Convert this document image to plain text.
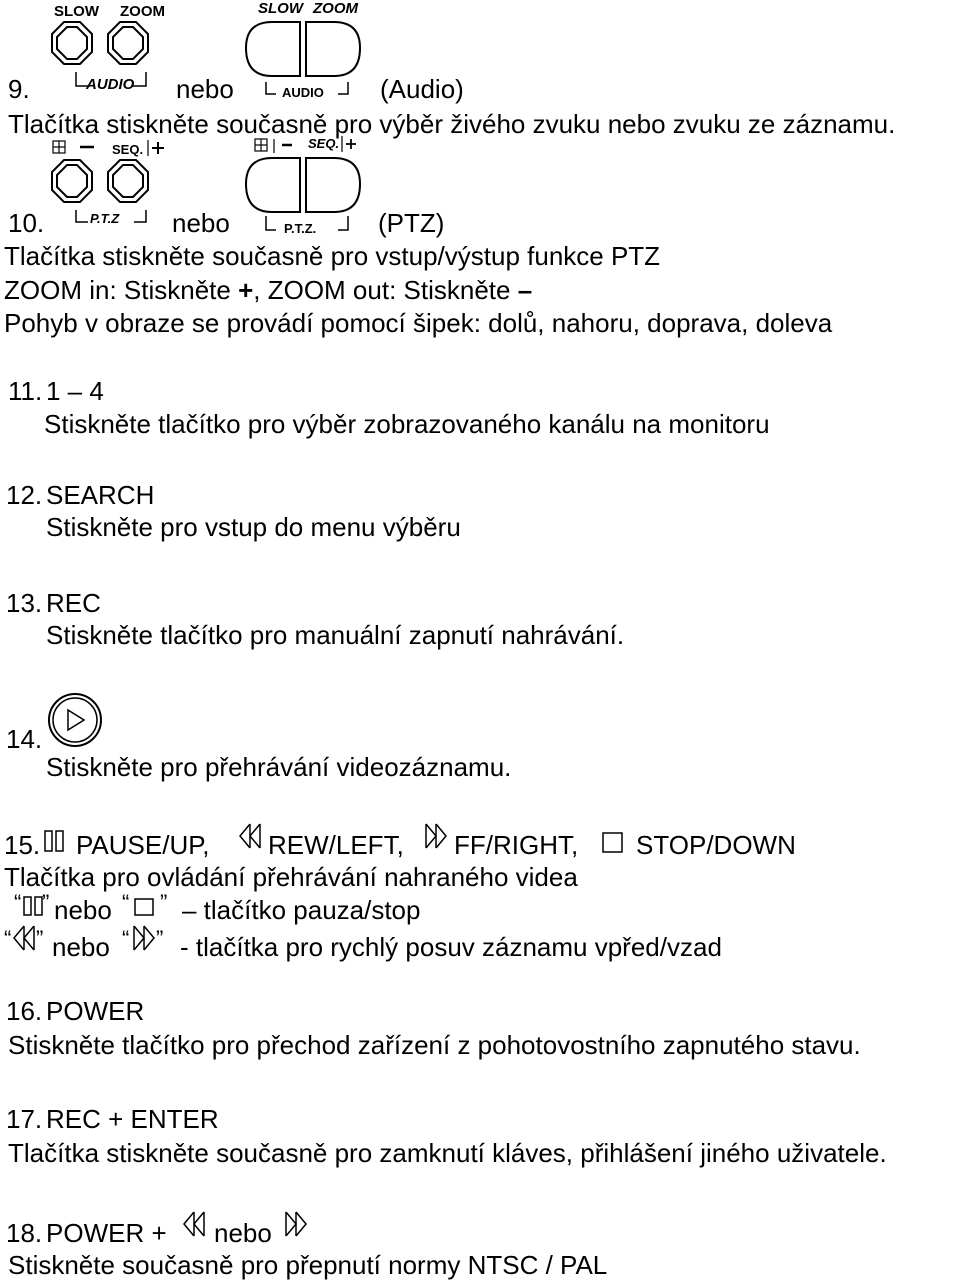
SLOW ZOOM
AUDIO
SLOW ZOOM
AUDIO
9.	nebo	(Audio)
Tlačítka stiskněte současně pro výběr živého zvuku nebo zvuku ze záznamu.
SEQ.
P.T.Z
SEQ.
P.T.Z.
10.	nebo	(PTZ)
Tlačítka stiskněte současně pro vstup/výstup funkce PTZ
ZOOM in: Stiskněte +, ZOOM out: Stiskněte –
Pohyb v obraze se provádí pomocí šipek: dolů, nahoru, doprava, doleva
11. 1 – 4
Stiskněte tlačítko pro výběr zobrazovaného kanálu na monitoru
12. SEARCH
Stiskněte pro vstup do menu výběru
13. REC
Stiskněte tlačítko pro manuální zapnutí nahrávání.
14.
Stiskněte pro přehrávání videozáznamu.
15. PAUSE/UP, REW/LEFT, FF/RIGHT, STOP/DOWN
Tlačítka pro ovládání přehrávání nahraného videa
“ ” nebo “ ” – tlačítko pauza/stop
“ ” nebo “ ” - tlačítka pro rychlý posuv záznamu vpřed/vzad
16. POWER
Stiskněte tlačítko pro přechod zařízení z pohotovostního zapnutého stavu.
17. REC + ENTER
Tlačítka stiskněte současně pro zamknutí kláves, přihlášení jiného uživatele.
18. POWER + nebo
Stiskněte současně pro přepnutí normy NTSC / PAL
